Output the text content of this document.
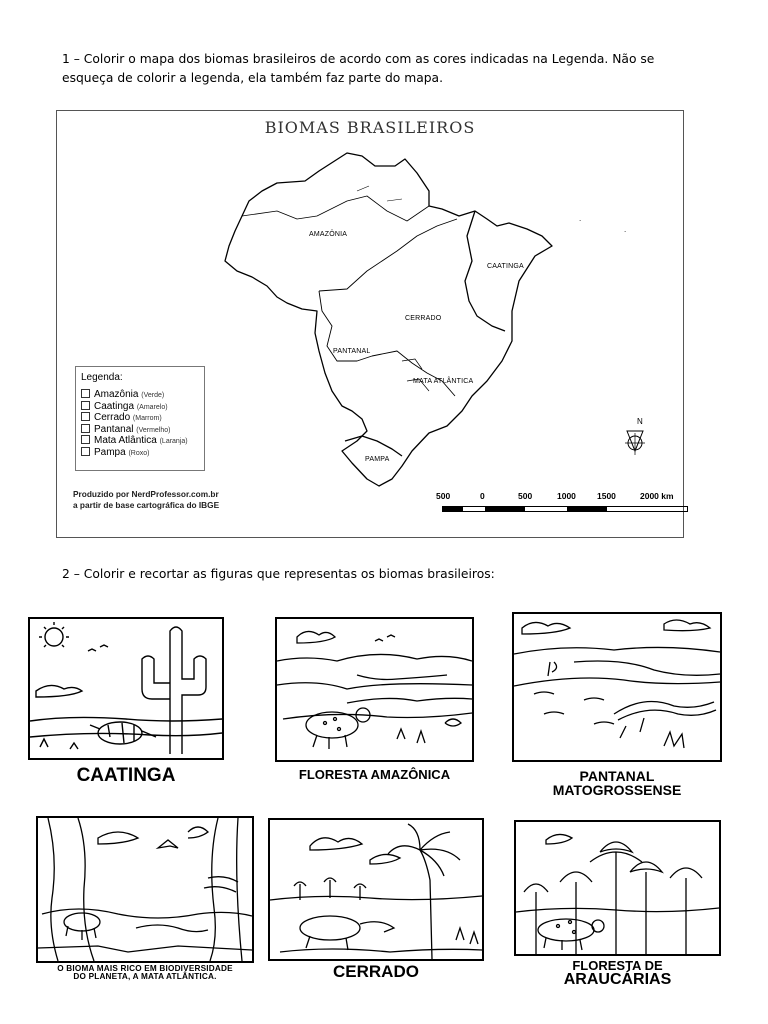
1 – Colorir o mapa dos biomas brasileiros de acordo com as cores indicadas na Legenda. Não se esqueça de colorir a legenda, ela também faz parte do mapa.
BIOMAS BRASILEIROS
·
·
AMAZÔNIA
CAATINGA
CERRADO
PANTANAL
MATA ATLÂNTICA
PAMPA
N
Legenda:
Amazônia (Verde)
Caatinga (Amarelo)
Cerrado (Marrom)
Pantanal (Vermelho)
Mata Atlântica (Laranja)
Pampa (Roxo)
Produzido por NerdProfessor.com.br
a partir de base cartográfica do IBGE
500	0	500	1000 1500	2000 km
2 – Colorir e recortar as figuras que representas os biomas brasileiros:
CAATINGA	FLORESTA AMAZÔNICA	PANTANAL
MATOGROSSENSE
O BIOMA MAIS RICO EM BIODIVERSIDADE
DO PLANETA, A MATA ATLÂNTICA.	CERRADO	FLORESTA DE
ARAUCÁRIAS
